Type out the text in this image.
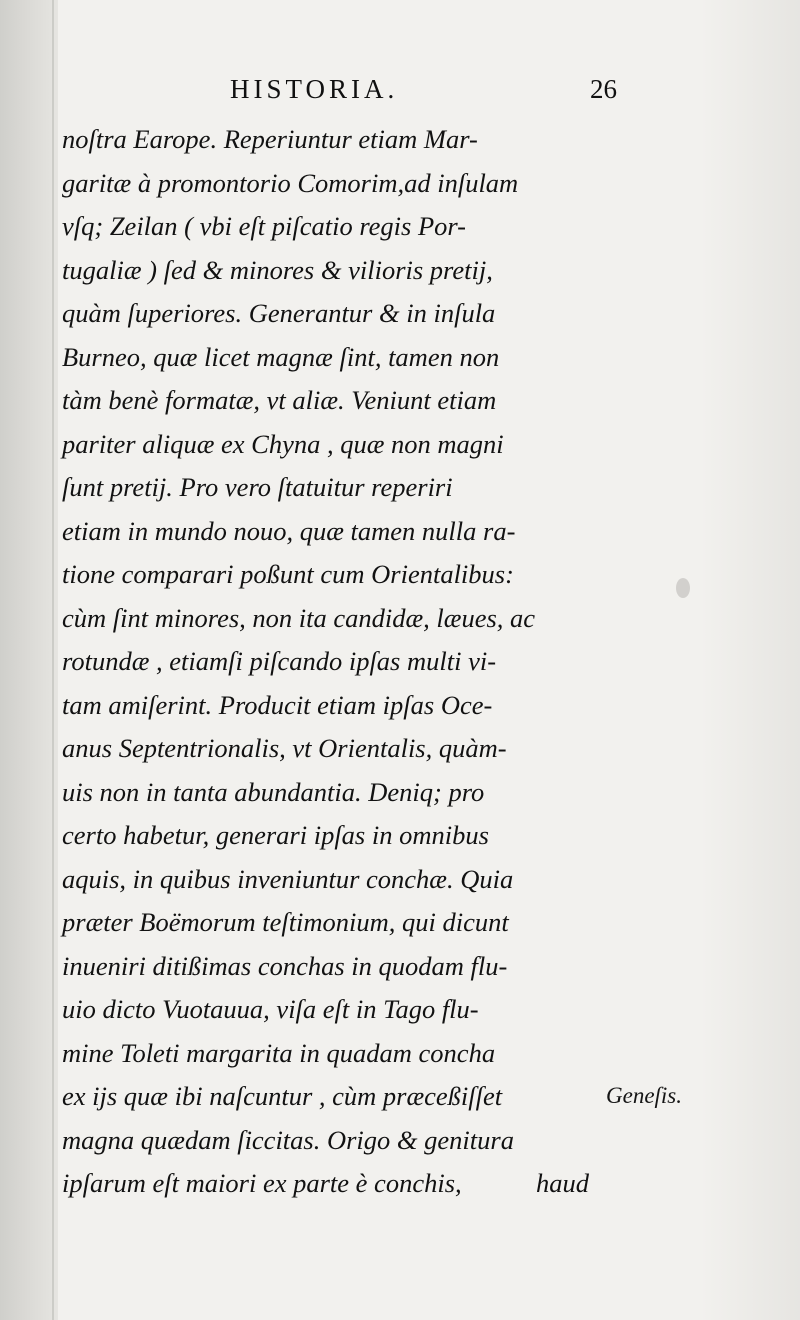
HISTORIA.	26
noſtra Earope. Reperiuntur etiam Mar-
garitæ à promontorio Comorim,ad inſulam
vſq; Zeilan ( vbi eſt piſcatio regis Por-
tugaliæ ) ſed & minores & vilioris pretij,
quàm ſuperiores. Generantur & in inſula
Burneo, quæ licet magnæ ſint, tamen non
tàm benè formatæ, vt aliæ. Veniunt etiam
pariter aliquæ ex Chyna , quæ non magni
ſunt pretij. Pro vero ſtatuitur reperiri
etiam in mundo nouo, quæ tamen nulla ra-
tione comparari poßunt cum Orientalibus:
cùm ſint minores, non ita candidæ, læues, ac
rotundæ , etiamſi piſcando ipſas multi vi-
tam amiſerint. Producit etiam ipſas Oce-
anus Septentrionalis, vt Orientalis, quàm-
uis non in tanta abundantia. Deniq; pro
certo habetur, generari ipſas in omnibus
aquis, in quibus inveniuntur conchæ. Quia
præter Boëmorum teſtimonium, qui dicunt
inueniri ditißimas conchas in quodam flu-
uio dicto Vuotauua, viſa eſt in Tago flu-
mine Toleti margarita in quadam concha
ex ijs quæ ibi naſcuntur , cùm præceßiſſet
magna quædam ſiccitas. Origo & genitura
ipſarum eſt maiori ex parte è conchis,
Geneſis.
haud
